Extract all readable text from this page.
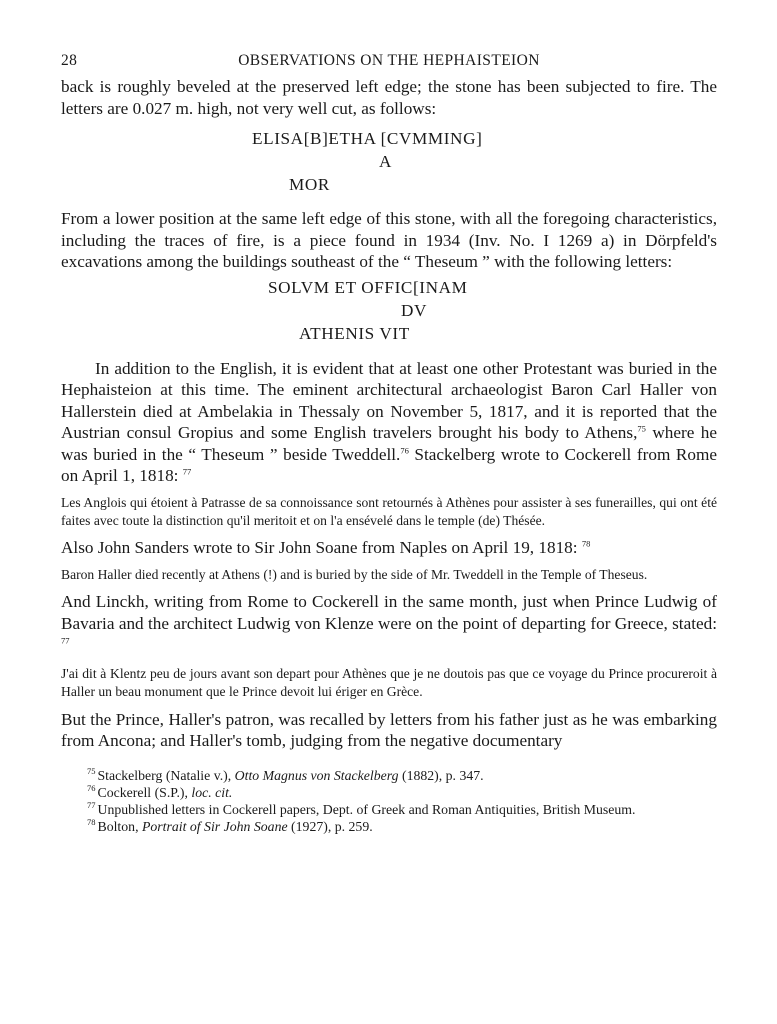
28	OBSERVATIONS ON THE HEPHAISTEION

back is roughly beveled at the preserved left edge; the stone has been subjected to fire. The letters are 0.027 m. high, not very well cut, as follows:

ELISA[B]ETHA [CVMMING]
A
MOR

From a lower position at the same left edge of this stone, with all the foregoing characteristics, including the traces of fire, is a piece found in 1934 (Inv. No. I 1269 a) in Dörpfeld's excavations among the buildings southeast of the “ Theseum ” with the following letters:

SOLVM ET OFFIC[INAM
DV
ATHENIS VIT

In addition to the English, it is evident that at least one other Protestant was buried in the Hephaisteion at this time. The eminent architectural archaeologist Baron Carl Haller von Hallerstein died at Ambelakia in Thessaly on November 5, 1817, and it is reported that the Austrian consul Gropius and some English travelers brought his body to Athens,$^{75}$ where he was buried in the “ Theseum ” beside Tweddell.$^{76}$ Stackelberg wrote to Cockerell from Rome on April 1, 1818: $^{77}$

Les Anglois qui étoient à Patrasse de sa connoissance sont retournés à Athènes pour assister à ses funerailles, qui ont été faites avec toute la distinction qu'il meritoit et on l'a ensévelé dans le temple (de) Thésée.

Also John Sanders wrote to Sir John Soane from Naples on April 19, 1818: $^{78}$

Baron Haller died recently at Athens (!) and is buried by the side of Mr. Tweddell in the Temple of Theseus.

And Linckh, writing from Rome to Cockerell in the same month, just when Prince Ludwig of Bavaria and the architect Ludwig von Klenze were on the point of departing for Greece, stated: $^{77}$

J'ai dit à Klentz peu de jours avant son depart pour Athènes que je ne doutois pas que ce voyage du Prince procureroit à Haller un beau monument que le Prince devoit lui ériger en Grèce.

But the Prince, Haller's patron, was recalled by letters from his father just as he was embarking from Ancona; and Haller's tomb, judging from the negative documentary

$^{75}$ Stackelberg (Natalie v.), Otto Magnus von Stackelberg (1882), p. 347.

$^{76}$ Cockerell (S.P.), loc. cit.

$^{77}$ Unpublished letters in Cockerell papers, Dept. of Greek and Roman Antiquities, British Museum.

$^{78}$ Bolton, Portrait of Sir John Soane (1927), p. 259.
